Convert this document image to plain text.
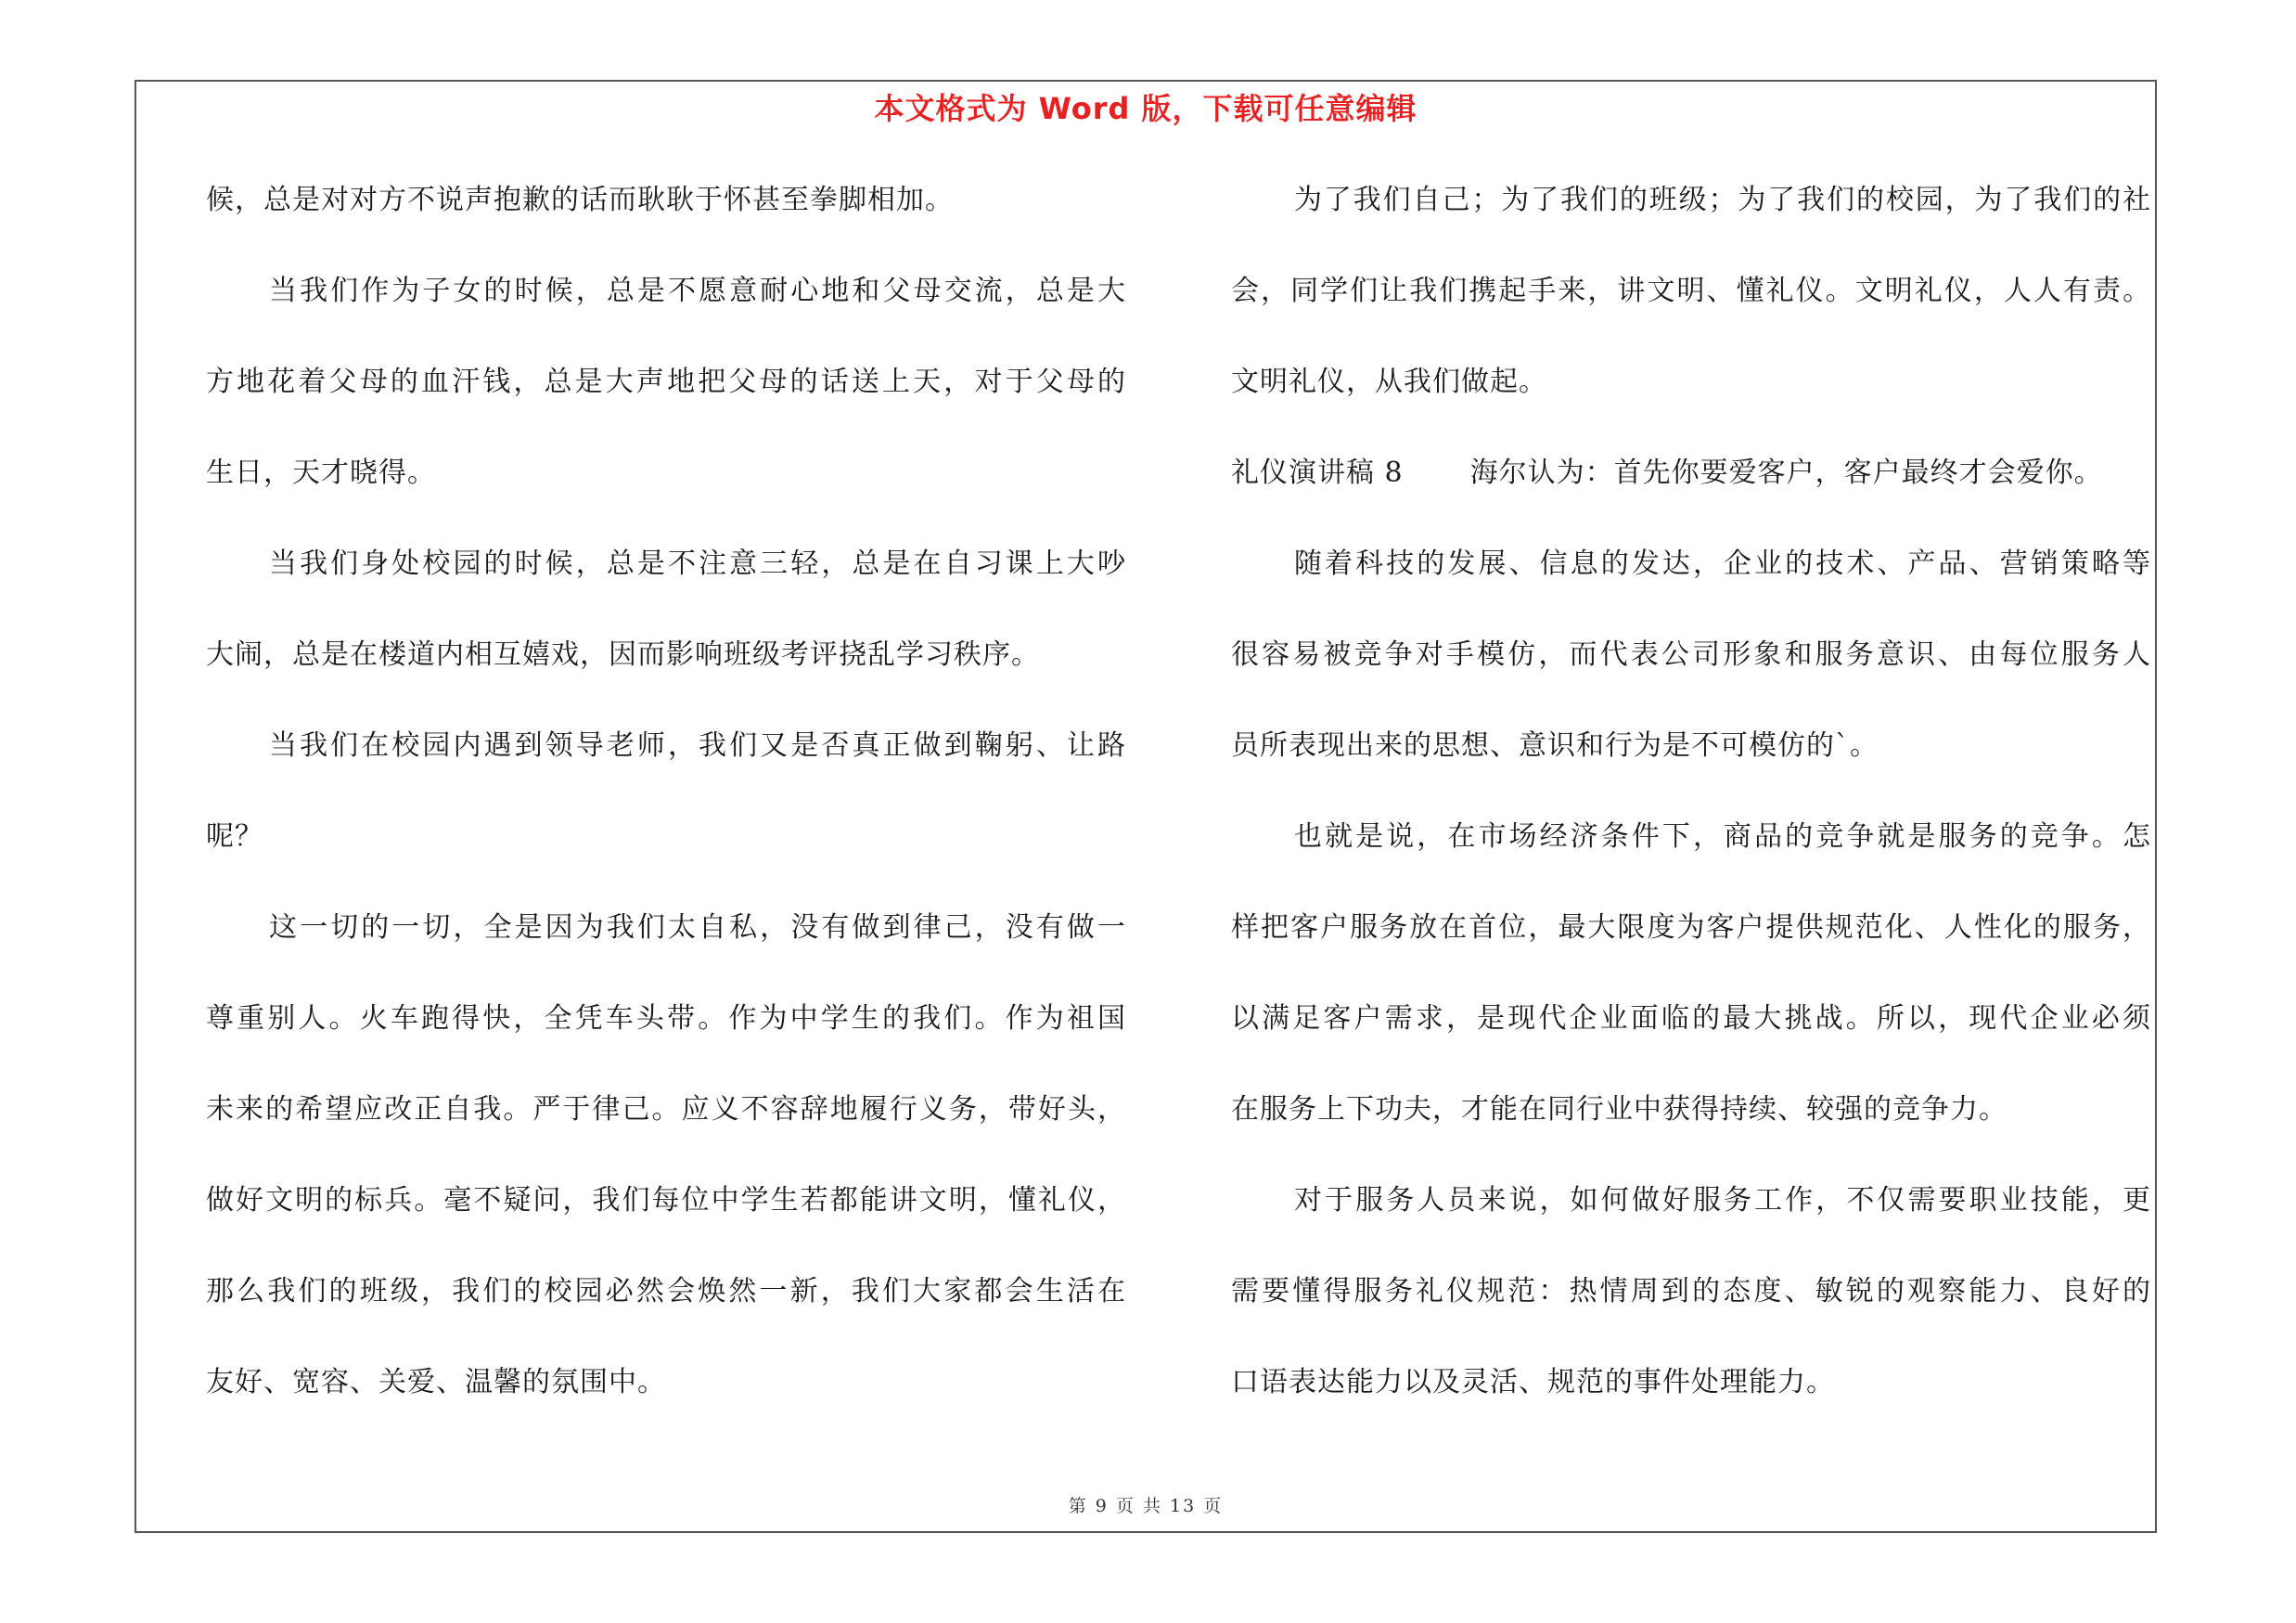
本文格式为 Word 版，下载可任意编辑
候，总是对对方不说声抱歉的话而耿耿于怀甚至拳脚相加。
当我们作为子女的时候，总是不愿意耐心地和父母交流，总是大
方地花着父母的血汗钱，总是大声地把父母的话送上天，对于父母的
生日，天才晓得。
当我们身处校园的时候，总是不注意三轻，总是在自习课上大吵
大闹，总是在楼道内相互嬉戏，因而影响班级考评挠乱学习秩序。
当我们在校园内遇到领导老师，我们又是否真正做到鞠躬、让路
呢？
这一切的一切，全是因为我们太自私，没有做到律己，没有做一
尊重别人。火车跑得快，全凭车头带。作为中学生的我们。作为祖国
未来的希望应改正自我。严于律己。应义不容辞地履行义务，带好头，
做好文明的标兵。毫不疑问，我们每位中学生若都能讲文明，懂礼仪，
那么我们的班级，我们的校园必然会焕然一新，我们大家都会生活在
友好、宽容、关爱、温馨的氛围中。
为了我们自己；为了我们的班级；为了我们的校园，为了我们的社
会，同学们让我们携起手来，讲文明、懂礼仪。文明礼仪，人人有责。
文明礼仪，从我们做起。
礼仪演讲稿 8 海尔认为：首先你要爱客户，客户最终才会爱你。
随着科技的发展、信息的发达，企业的技术、产品、营销策略等
很容易被竞争对手模仿，而代表公司形象和服务意识、由每位服务人
员所表现出来的思想、意识和行为是不可模仿的`。
也就是说，在市场经济条件下，商品的竞争就是服务的竞争。怎
样把客户服务放在首位，最大限度为客户提供规范化、人性化的服务，
以满足客户需求，是现代企业面临的最大挑战。所以，现代企业必须
在服务上下功夫，才能在同行业中获得持续、较强的竞争力。
对于服务人员来说，如何做好服务工作，不仅需要职业技能，更
需要懂得服务礼仪规范：热情周到的态度、敏锐的观察能力、良好的
口语表达能力以及灵活、规范的事件处理能力。
第 9 页 共 13 页
